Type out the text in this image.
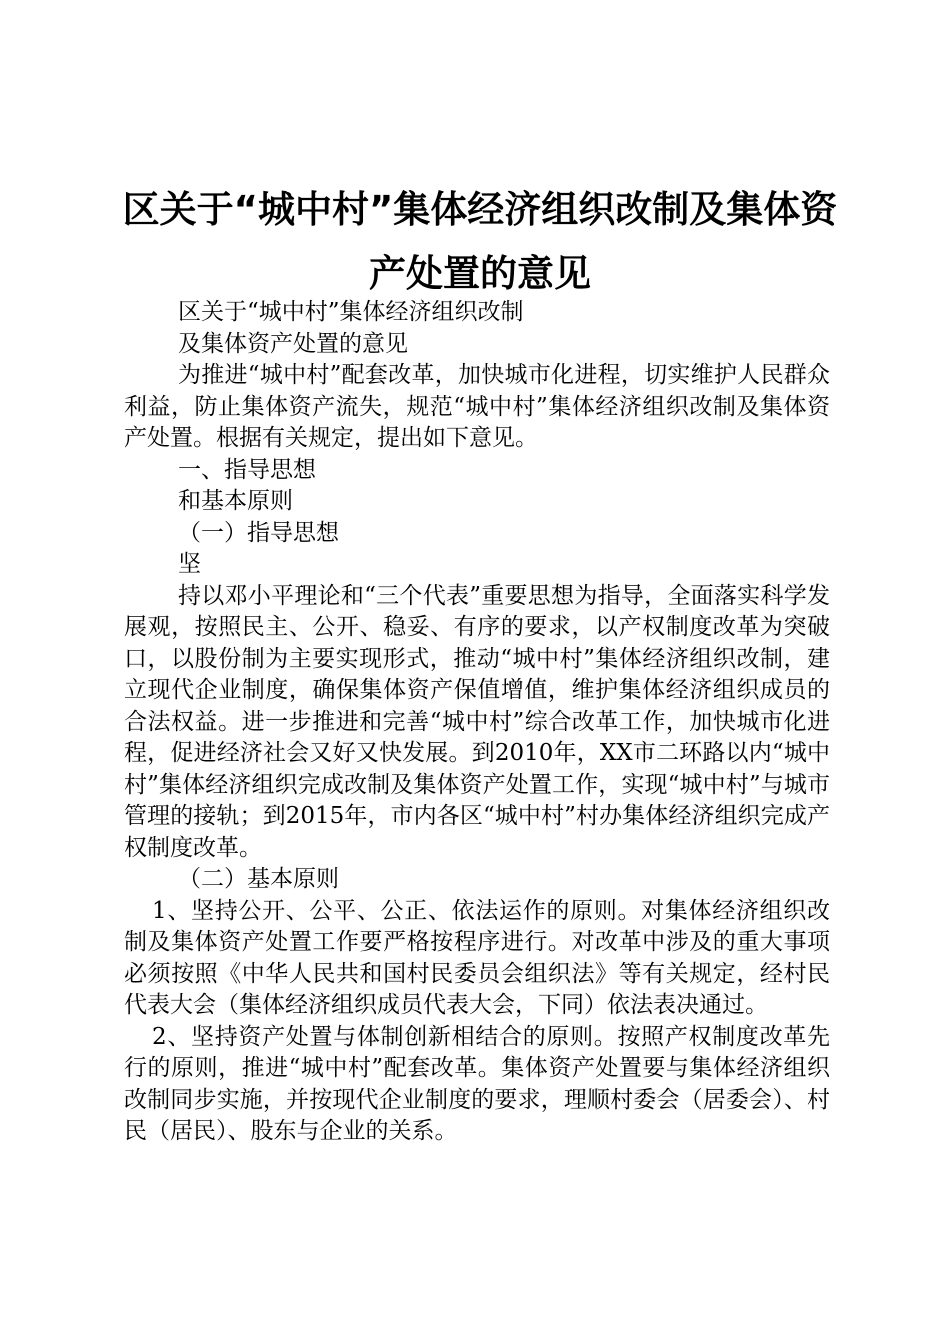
区关于“城中村”集体经济组织改制及集体资产处置的意见

区关于“城中村”集体经济组织改制

及集体资产处置的意见

为推进“城中村”配套改革，加快城市化进程，切实维护人民群众利益，防止集体资产流失，规范“城中村”集体经济组织改制及集体资产处置。根据有关规定，提出如下意见。

一、指导思想

和基本原则

（一）指导思想

坚

持以邓小平理论和“三个代表”重要思想为指导，全面落实科学发展观，按照民主、公开、稳妥、有序的要求，以产权制度改革为突破口，以股份制为主要实现形式，推动“城中村”集体经济组织改制，建立现代企业制度，确保集体资产保值增值，维护集体经济组织成员的合法权益。进一步推进和完善“城中村”综合改革工作，加快城市化进程，促进经济社会又好又快发展。到2010年，XX市二环路以内“城中村”集体经济组织完成改制及集体资产处置工作，实现“城中村”与城市管理的接轨；到2015年，市内各区“城中村”村办集体经济组织完成产权制度改革。

（二）基本原则

1、坚持公开、公平、公正、依法运作的原则。对集体经济组织改制及集体资产处置工作要严格按程序进行。对改革中涉及的重大事项必须按照《中华人民共和国村民委员会组织法》等有关规定，经村民代表大会（集体经济组织成员代表大会，下同）依法表决通过。

2、坚持资产处置与体制创新相结合的原则。按照产权制度改革先行的原则，推进“城中村”配套改革。集体资产处置要与集体经济组织改制同步实施，并按现代企业制度的要求，理顺村委会（居委会）、村民（居民）、股东与企业的关系。
